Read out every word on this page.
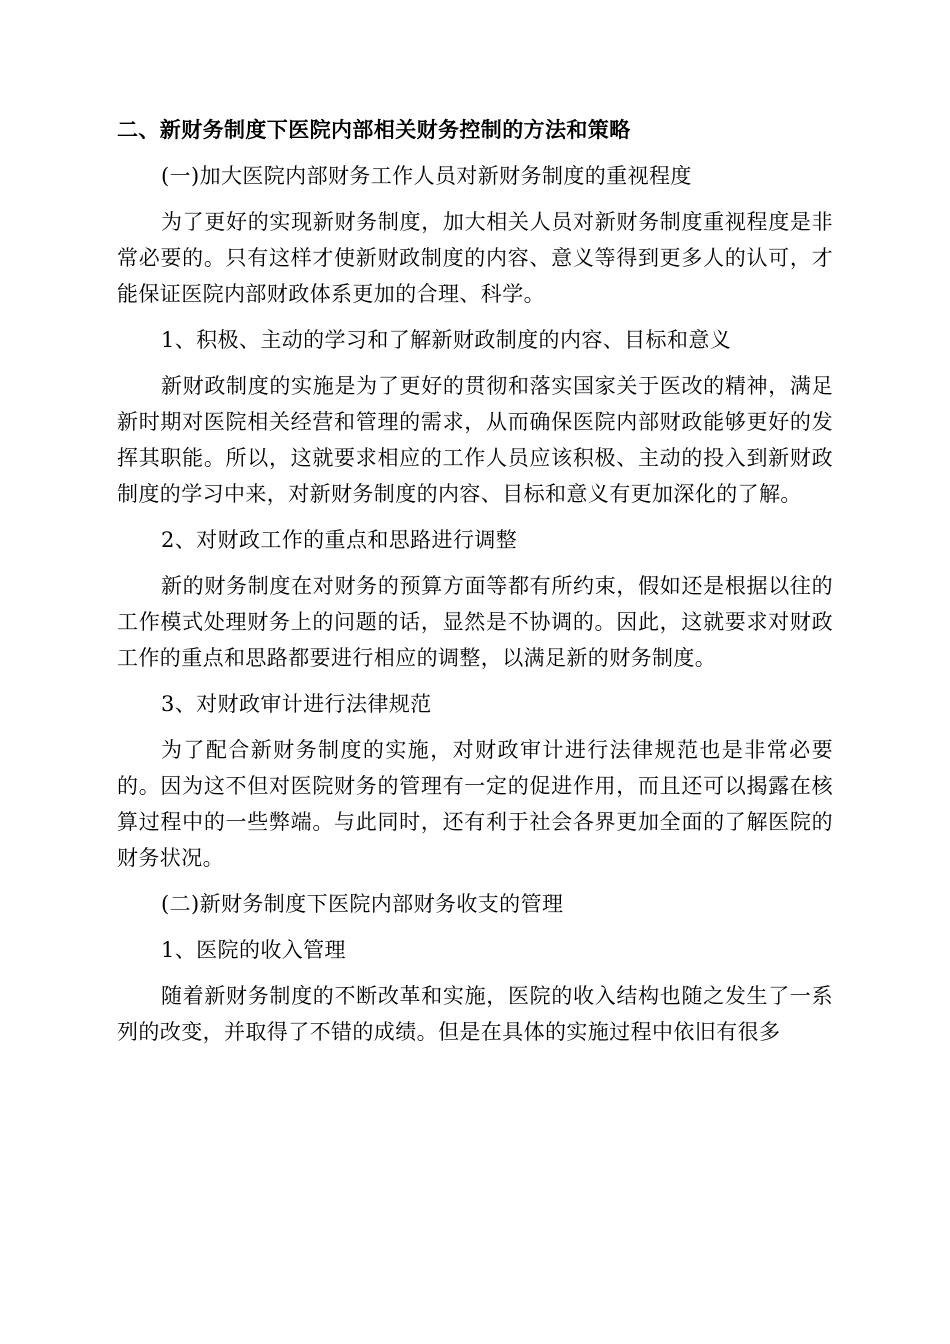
二、新财务制度下医院内部相关财务控制的方法和策略

(一)加大医院内部财务工作人员对新财务制度的重视程度

为了更好的实现新财务制度，加大相关人员对新财务制度重视程度是非常必要的。只有这样才使新财政制度的内容、意义等得到更多人的认可，才能保证医院内部财政体系更加的合理、科学。

1、积极、主动的学习和了解新财政制度的内容、目标和意义

新财政制度的实施是为了更好的贯彻和落实国家关于医改的精神，满足新时期对医院相关经营和管理的需求，从而确保医院内部财政能够更好的发挥其职能。所以，这就要求相应的工作人员应该积极、主动的投入到新财政制度的学习中来，对新财务制度的内容、目标和意义有更加深化的了解。

2、对财政工作的重点和思路进行调整

新的财务制度在对财务的预算方面等都有所约束，假如还是根据以往的工作模式处理财务上的问题的话，显然是不协调的。因此，这就要求对财政工作的重点和思路都要进行相应的调整，以满足新的财务制度。

3、对财政审计进行法律规范

为了配合新财务制度的实施，对财政审计进行法律规范也是非常必要的。因为这不但对医院财务的管理有一定的促进作用，而且还可以揭露在核算过程中的一些弊端。与此同时，还有利于社会各界更加全面的了解医院的财务状况。

(二)新财务制度下医院内部财务收支的管理

1、医院的收入管理

随着新财务制度的不断改革和实施，医院的收入结构也随之发生了一系列的改变，并取得了不错的成绩。但是在具体的实施过程中依旧有很多
